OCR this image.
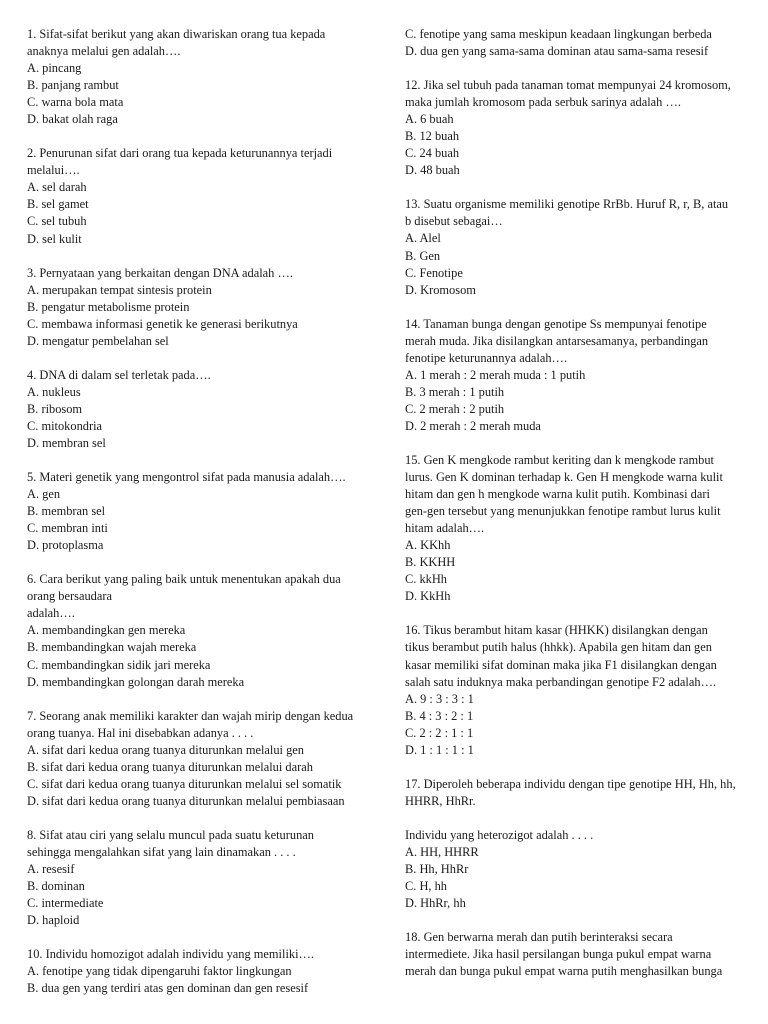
1. Sifat-sifat berikut yang akan diwariskan orang tua kepada
anaknya melalui gen adalah….
A. pincang
B. panjang rambut
C. warna bola mata
D. bakat olah raga
2. Penurunan sifat dari orang tua kepada keturunannya terjadi
melalui….
A. sel darah
B. sel gamet
C. sel tubuh
D. sel kulit
3. Pernyataan yang berkaitan dengan DNA adalah ….
A. merupakan tempat sintesis protein
B. pengatur metabolisme protein
C. membawa informasi genetik ke generasi berikutnya
D. mengatur pembelahan sel
4. DNA di dalam sel terletak pada….
A. nukleus
B. ribosom
C. mitokondria
D. membran sel
5. Materi genetik yang mengontrol sifat pada manusia adalah….
A. gen
B. membran sel
C. membran inti
D. protoplasma
6. Cara berikut yang paling baik untuk menentukan apakah dua
orang bersaudara
adalah….
A. membandingkan gen mereka
B. membandingkan wajah mereka
C. membandingkan sidik jari mereka
D. membandingkan golongan darah mereka
7. Seorang anak memiliki karakter dan wajah mirip dengan kedua
orang tuanya. Hal ini disebabkan adanya . . . .
A. sifat dari kedua orang tuanya diturunkan melalui gen
B. sifat dari kedua orang tuanya diturunkan melalui darah
C. sifat dari kedua orang tuanya diturunkan melalui sel somatik
D. sifat dari kedua orang tuanya diturunkan melalui pembiasaan
8. Sifat atau ciri yang selalu muncul pada suatu keturunan
sehingga mengalahkan sifat yang lain dinamakan . . . .
A. resesif
B. dominan
C. intermediate
D. haploid
10. Individu homozigot adalah individu yang memiliki….
A. fenotipe yang tidak dipengaruhi faktor lingkungan
B. dua gen yang terdiri atas gen dominan dan gen resesif
C. fenotipe yang sama meskipun keadaan lingkungan berbeda
D. dua gen yang sama-sama dominan atau sama-sama resesif
12. Jika sel tubuh pada tanaman tomat mempunyai 24 kromosom,
maka jumlah kromosom pada serbuk sarinya adalah ….
A. 6 buah
B. 12 buah
C. 24 buah
D. 48 buah
13. Suatu organisme memiliki genotipe RrBb. Huruf R, r, B, atau
b disebut sebagai…
A. Alel
B. Gen
C. Fenotipe
D. Kromosom
14. Tanaman bunga dengan genotipe Ss mempunyai fenotipe
merah muda. Jika disilangkan antarsesamanya, perbandingan
fenotipe keturunannya adalah….
A. 1 merah : 2 merah muda : 1 putih
B. 3 merah : 1 putih
C. 2 merah : 2 putih
D. 2 merah : 2 merah muda
15. Gen K mengkode rambut keriting dan k mengkode rambut
lurus. Gen K dominan terhadap k. Gen H mengkode warna kulit
hitam dan gen h mengkode warna kulit putih. Kombinasi dari
gen-gen tersebut yang menunjukkan fenotipe rambut lurus kulit
hitam adalah….
A. KKhh
B. KKHH
C. kkHh
D. KkHh
16. Tikus berambut hitam kasar (HHKK) disilangkan dengan
tikus berambut putih halus (hhkk). Apabila gen hitam dan gen
kasar memiliki sifat dominan maka jika F1 disilangkan dengan
salah satu induknya maka perbandingan genotipe F2 adalah….
A. 9 : 3 : 3 : 1
B. 4 : 3 : 2 : 1
C. 2 : 2 : 1 : 1
D. 1 : 1 : 1 : 1
17. Diperoleh beberapa individu dengan tipe genotipe HH, Hh, hh,
HHRR, HhRr.
Individu yang heterozigot adalah . . . .
A. HH, HHRR
B. Hh, HhRr
C. H, hh
D. HhRr, hh
18. Gen berwarna merah dan putih berinteraksi secara
intermediete. Jika hasil persilangan bunga pukul empat warna
merah dan bunga pukul empat warna putih menghasilkan bunga
